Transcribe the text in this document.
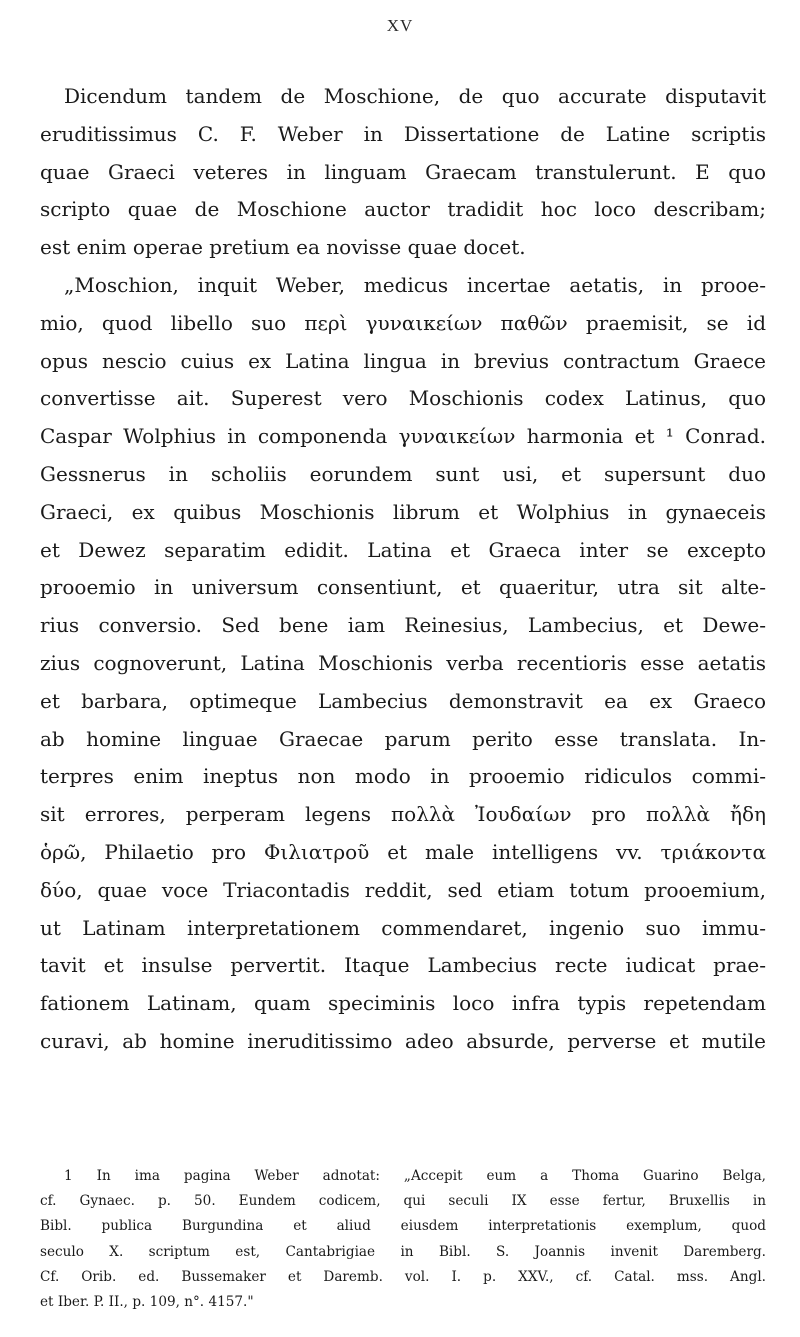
XV
Dicendum tandem de Moschione, de quo accurate disputavit
eruditissimus C. F. Weber in Dissertatione de Latine scriptis
quae Graeci veteres in linguam Graecam transtulerunt. E quo
scripto quae de Moschione auctor tradidit hoc loco describam;
est enim operae pretium ea novisse quae docet.
„Moschion, inquit Weber, medicus incertae aetatis, in prooe-
mio, quod libello suo περὶ γυναικείων παθῶν praemisit, se id
opus nescio cuius ex Latina lingua in brevius contractum Graece
convertisse ait. Superest vero Moschionis codex Latinus, quo
Caspar Wolphius in componenda γυναικείων harmonia et ¹ Conrad.
Gessnerus in scholiis eorundem sunt usi, et supersunt duo
Graeci, ex quibus Moschionis librum et Wolphius in gynaeceis
et Dewez separatim edidit. Latina et Graeca inter se excepto
prooemio in universum consentiunt, et quaeritur, utra sit alte-
rius conversio. Sed bene iam Reinesius, Lambecius, et Dewe-
zius cognoverunt, Latina Moschionis verba recentioris esse aetatis
et barbara, optimeque Lambecius demonstravit ea ex Graeco
ab homine linguae Graecae parum perito esse translata. In-
terpres enim ineptus non modo in prooemio ridiculos commi-
sit errores, perperam legens πολλὰ Ἰουδαίων pro πολλὰ ἤδη
ὁρῶ, Philaetio pro Φιλιατροῦ et male intelligens vv. τριάκοντα
δύο, quae voce Triacontadis reddit, sed etiam totum prooemium,
ut Latinam interpretationem commendaret, ingenio suo immu-
tavit et insulse pervertit. Itaque Lambecius recte iudicat prae-
fationem Latinam, quam speciminis loco infra typis repetendam
curavi, ab homine ineruditissimo adeo absurde, perverse et mutile
1 In ima pagina Weber adnotat: „Accepit eum a Thoma Guarino Belga,
cf. Gynaec. p. 50. Eundem codicem, qui seculi IX esse fertur, Bruxellis in
Bibl. publica Burgundina et aliud eiusdem interpretationis exemplum, quod
seculo X. scriptum est, Cantabrigiae in Bibl. S. Joannis invenit Daremberg.
Cf. Orib. ed. Bussemaker et Daremb. vol. I. p. XXV., cf. Catal. mss. Angl.
et Iber. P. II., p. 109, n°. 4157."
